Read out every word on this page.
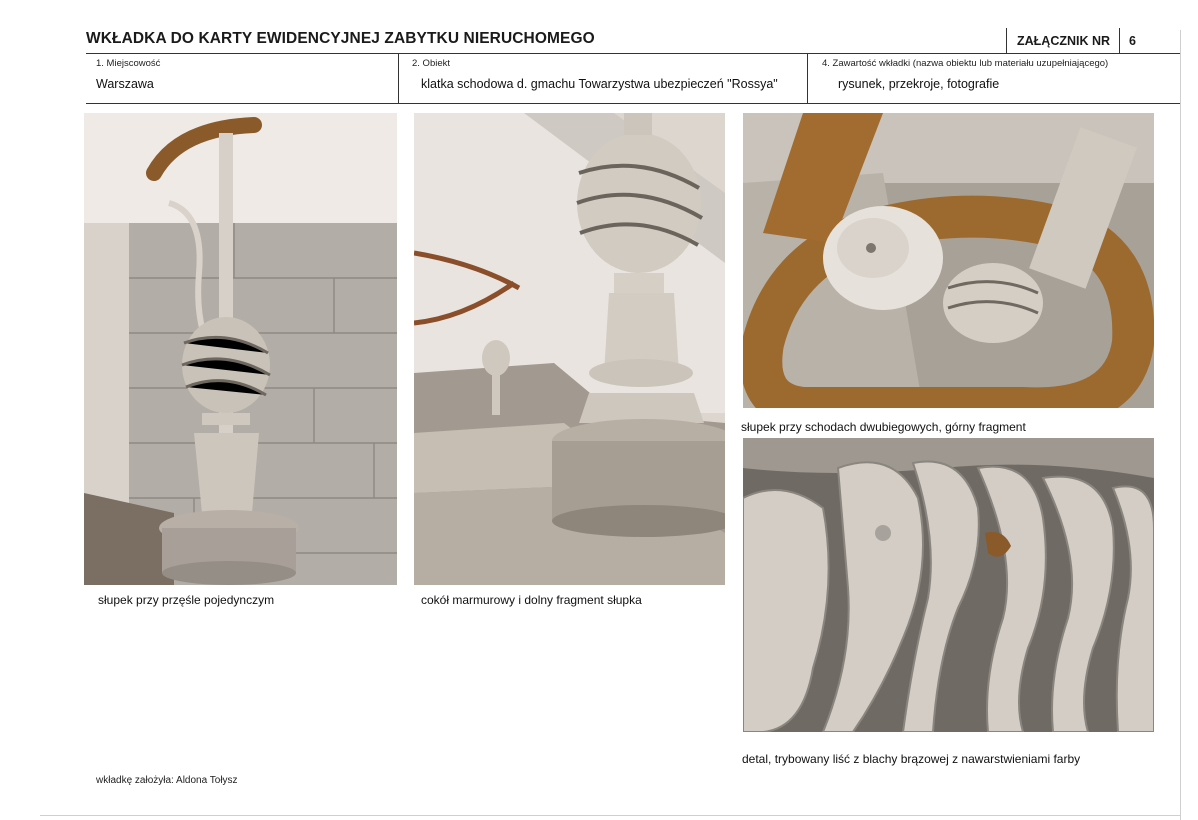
WKŁADKA DO KARTY EWIDENCYJNEJ ZABYTKU NIERUCHOMEGO	ZAŁĄCZNIK NR 6
1. Miejscowość
Warszawa
2. Obiekt
klatka schodowa d. gmachu Towarzystwa ubezpieczeń "Rossya"
4. Zawartość wkładki (nazwa obiektu lub materiału uzupełniającego)
rysunek, przekroje, fotografie
słupek przy przęśle pojedynczym	cokół marmurowy i dolny fragment słupka
słupek przy schodach dwubiegowych, górny fragment
detal, trybowany liść z blachy brązowej z nawarstwieniami farby
wkładkę założyła: Aldona Tołysz
